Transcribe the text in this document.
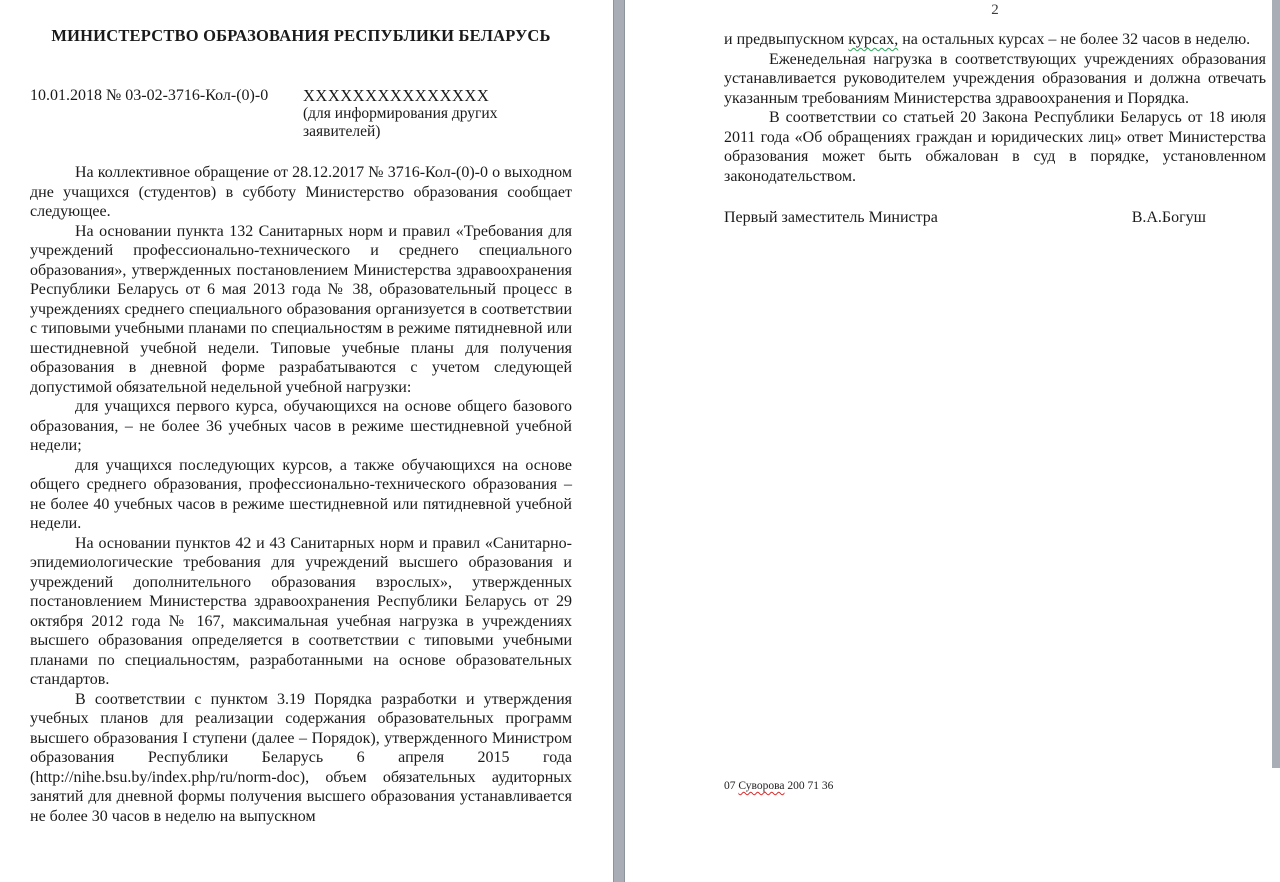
МИНИСТЕРСТВО ОБРАЗОВАНИЯ РЕСПУБЛИКИ БЕЛАРУСЬ
10.01.2018 № 03-02-3716-Кол-(0)-0 XXXXXXXXXXXXXXX
(для информирования других
заявителей)

На коллективное обращение от 28.12.2017 № 3716-Кол-(0)-0 о выходном дне учащихся (студентов) в субботу Министерство образования сообщает следующее.

На основании пункта 132 Санитарных норм и правил «Требования для учреждений профессионально-технического и среднего специального образования», утвержденных постановлением Министерства здравоохранения Республики Беларусь от 6 мая 2013 года № 38, образовательный процесс в учреждениях среднего специального образования организуется в соответствии с типовыми учебными планами по специальностям в режиме пятидневной или шестидневной учебной недели. Типовые учебные планы для получения образования в дневной форме разрабатываются с учетом следующей допустимой обязательной недельной учебной нагрузки:

для учащихся первого курса, обучающихся на основе общего базового образования, – не более 36 учебных часов в режиме шестидневной учебной недели;

для учащихся последующих курсов, а также обучающихся на основе общего среднего образования, профессионально-технического образования – не более 40 учебных часов в режиме шестидневной или пятидневной учебной недели.

На основании пунктов 42 и 43 Санитарных норм и правил «Санитарно-эпидемиологические требования для учреждений высшего образования и учреждений дополнительного образования взрослых», утвержденных постановлением Министерства здравоохранения Республики Беларусь от 29 октября 2012 года № 167, максимальная учебная нагрузка в учреждениях высшего образования определяется в соответствии с типовыми учебными планами по специальностям, разработанными на основе образовательных стандартов.

В соответствии с пунктом 3.19 Порядка разработки и утверждения учебных планов для реализации содержания образовательных программ высшего образования I ступени (далее – Порядок), утвержденного Министром образования Республики Беларусь 6 апреля 2015 года (http://nihe.bsu.by/index.php/ru/norm-doc), объем обязательных аудиторных занятий для дневной формы получения высшего образования устанавливается не более 30 часов в неделю на выпускном

2

и предвыпускном курсах, на остальных курсах – не более 32 часов в неделю.

Еженедельная нагрузка в соответствующих учреждениях образования устанавливается руководителем учреждения образования и должна отвечать указанным требованиям Министерства здравоохранения и Порядка.

В соответствии со статьей 20 Закона Республики Беларусь от 18 июля 2011 года «Об обращениях граждан и юридических лиц» ответ Министерства образования может быть обжалован в суд в порядке, установленном законодательством.

Первый заместитель Министра	В.А.Богуш
07 Суворова 200 71 36
